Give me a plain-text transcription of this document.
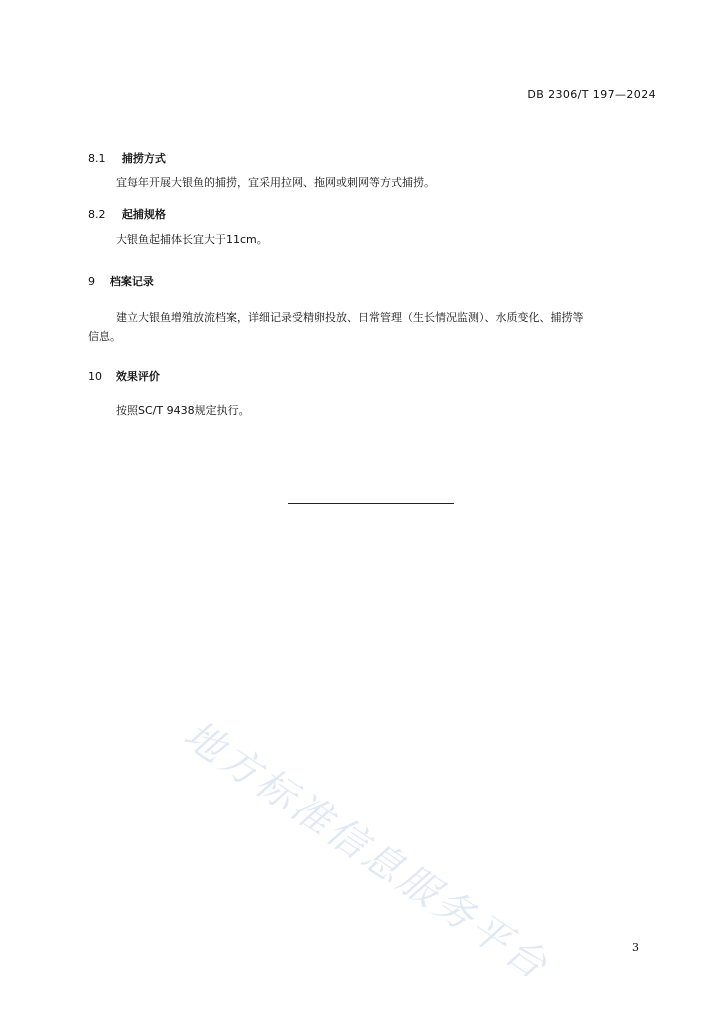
DB 2306/T 197—2024
8.1 捕捞方式
宜每年开展大银鱼的捕捞，宜采用拉网、拖网或刺网等方式捕捞。
8.2 起捕规格
大银鱼起捕体长宜大于11cm。
9 档案记录
建立大银鱼增殖放流档案，详细记录受精卵投放、日常管理（生长情况监测）、水质变化、捕捞等
信息。
10 效果评价
按照SC/T 9438规定执行。
地方标准信息服务平台	3
